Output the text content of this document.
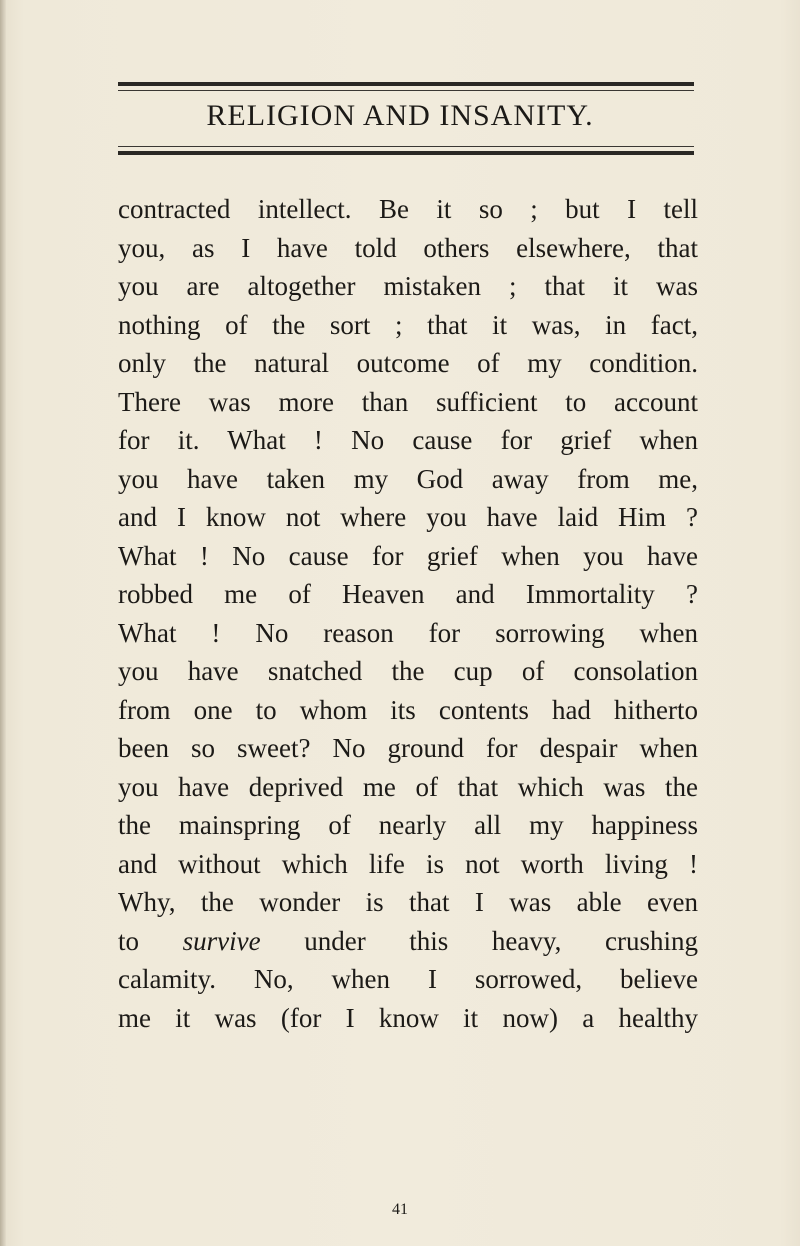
RELIGION AND INSANITY.
contracted intellect. Be it so ; but I tell
you, as I have told others elsewhere, that
you are altogether mistaken ; that it was
nothing of the sort ; that it was, in fact,
only the natural outcome of my condition.
There was more than sufficient to account
for it. What ! No cause for grief when
you have taken my God away from me,
and I know not where you have laid Him ?
What ! No cause for grief when you have
robbed me of Heaven and Immortality ?
What ! No reason for sorrowing when
you have snatched the cup of consolation
from one to whom its contents had hitherto
been so sweet? No ground for despair when
you have deprived me of that which was the
the mainspring of nearly all my happiness
and without which life is not worth living !
Why, the wonder is that I was able even
to survive under this heavy, crushing
calamity. No, when I sorrowed, believe
me it was (for I know it now) a healthy
41
